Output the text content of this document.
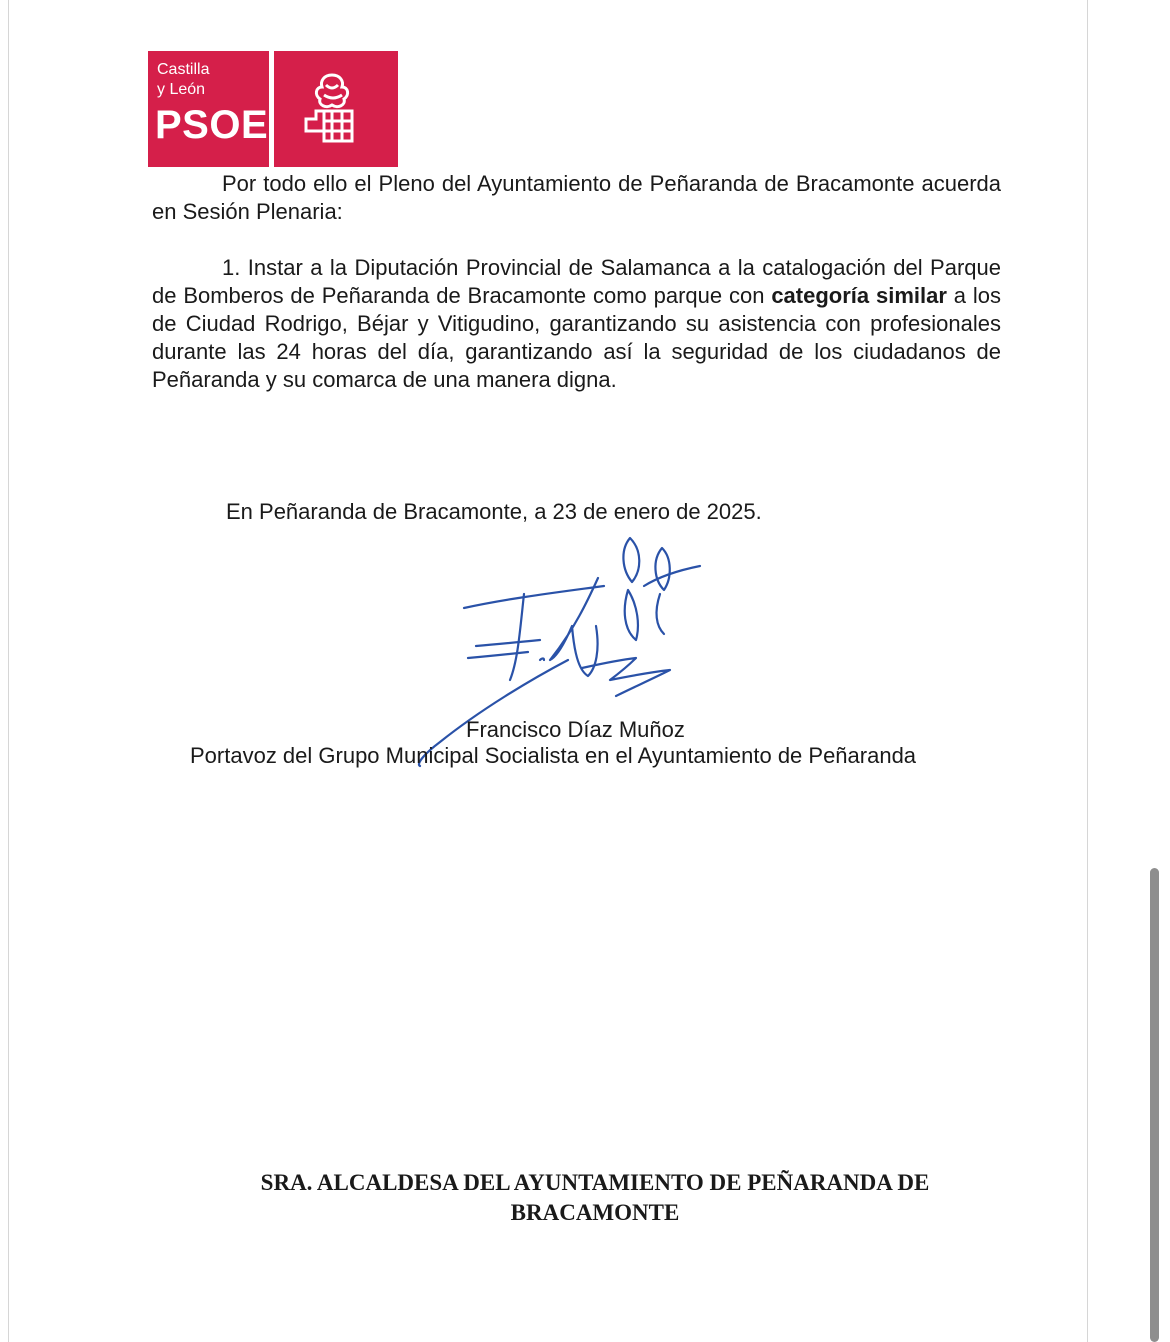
Castilla
y León
PSOE

Por todo ello el Pleno del Ayuntamiento de Peñaranda de Bracamonte acuerda en Sesión Plenaria:

1. Instar a la Diputación Provincial de Salamanca a la catalogación del Parque de Bomberos de Peñaranda de Bracamonte como parque con categoría similar a los de Ciudad Rodrigo, Béjar y Vitigudino, garantizando su asistencia con profesionales durante las 24 horas del día, garantizando así la seguridad de los ciudadanos de Peñaranda y su comarca de una manera digna.

En Peñaranda de Bracamonte, a 23 de enero de 2025.

Francisco Díaz Muñoz
Portavoz del Grupo Municipal Socialista en el Ayuntamiento de Peñaranda
SRA. ALCALDESA DEL AYUNTAMIENTO DE PEÑARANDA DE
BRACAMONTE
